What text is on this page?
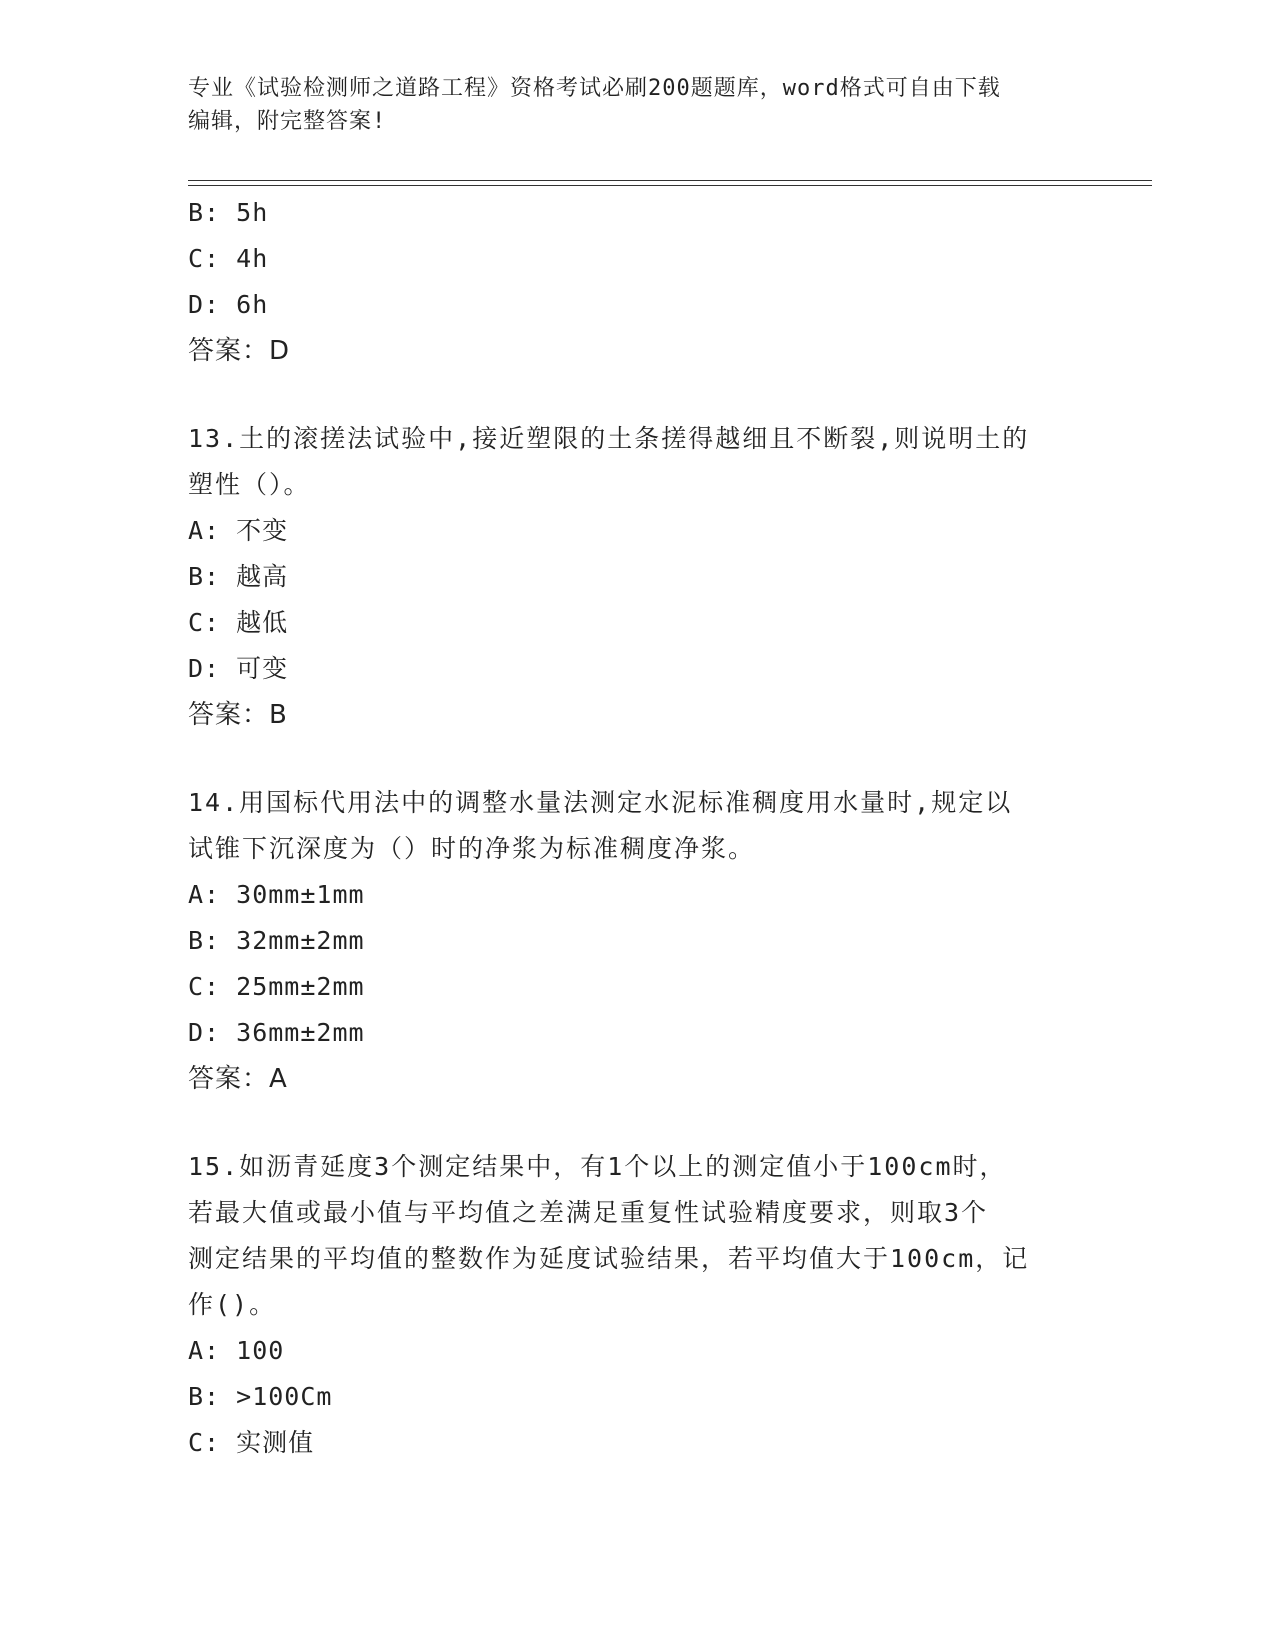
专业《试验检测师之道路工程》资格考试必刷200题题库，word格式可自由下载
编辑，附完整答案!
B: 5h
C: 4h
D: 6h
答案：D
13.土的滚搓法试验中,接近塑限的土条搓得越细且不断裂,则说明土的
塑性（）。
A: 不变
B: 越高
C: 越低
D: 可变
答案：B
14.用国标代用法中的调整水量法测定水泥标准稠度用水量时,规定以
试锥下沉深度为（）时的净浆为标准稠度净浆。
A: 30mm±1mm
B: 32mm±2mm
C: 25mm±2mm
D: 36mm±2mm
答案：A
15.如沥青延度3个测定结果中，有1个以上的测定值小于100cm时，
若最大值或最小值与平均值之差满足重复性试验精度要求，则取3个
测定结果的平均值的整数作为延度试验结果，若平均值大于100cm，记
作()。
A: 100
B: >100Cm
C: 实测值
